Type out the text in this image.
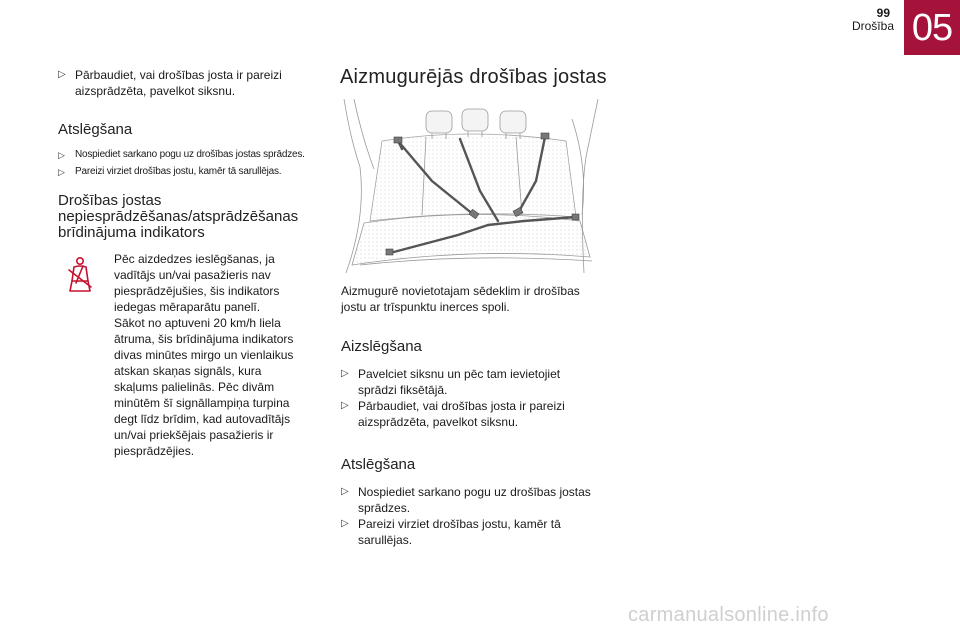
99
Drošība 05
▷ Pārbaudiet, vai drošības josta ir pareizi aizsprādzēta, pavelkot siksnu.
Atslēgšana
▷	Nospiediet sarkano pogu uz drošības jostas sprādzes.
▷	Pareizi virziet drošības jostu, kamēr tā sarullējas.
Drošības jostas
nepiesprādzēšanas/atsprādzēšanas
brīdinājuma indikators
Pēc aizdedzes ieslēgšanas, ja
vadītājs un/vai pasažieris nav
piesprādzējušies, šis indikators
iedegas mēraparātu panelī.
Sākot no aptuveni 20 km/h liela
ātruma, šis brīdinājuma indikators
divas minūtes mirgo un vienlaikus
atskan skaņas signāls, kura
skaļums palielinās. Pēc divām
minūtēm šī signāllampiņa turpina
degt līdz brīdim, kad autovadītājs
un/vai priekšējais pasažieris ir
piesprādzējies.
Aizmugurējās drošības jostas
Aizmugurē novietotajam sēdeklim ir drošības
jostu ar trīspunktu inerces spoli.
Aizslēgšana
▷ Pavelciet siksnu un pēc tam ievietojiet
sprādzi fiksētājā.
▷ Pārbaudiet, vai drošības josta ir pareizi
aizsprādzēta, pavelkot siksnu.
Atslēgšana
▷ Nospiediet sarkano pogu uz drošības jostas
sprādzes.
▷ Pareizi virziet drošības jostu, kamēr tā
sarullējas.
carmanualsonline.info
